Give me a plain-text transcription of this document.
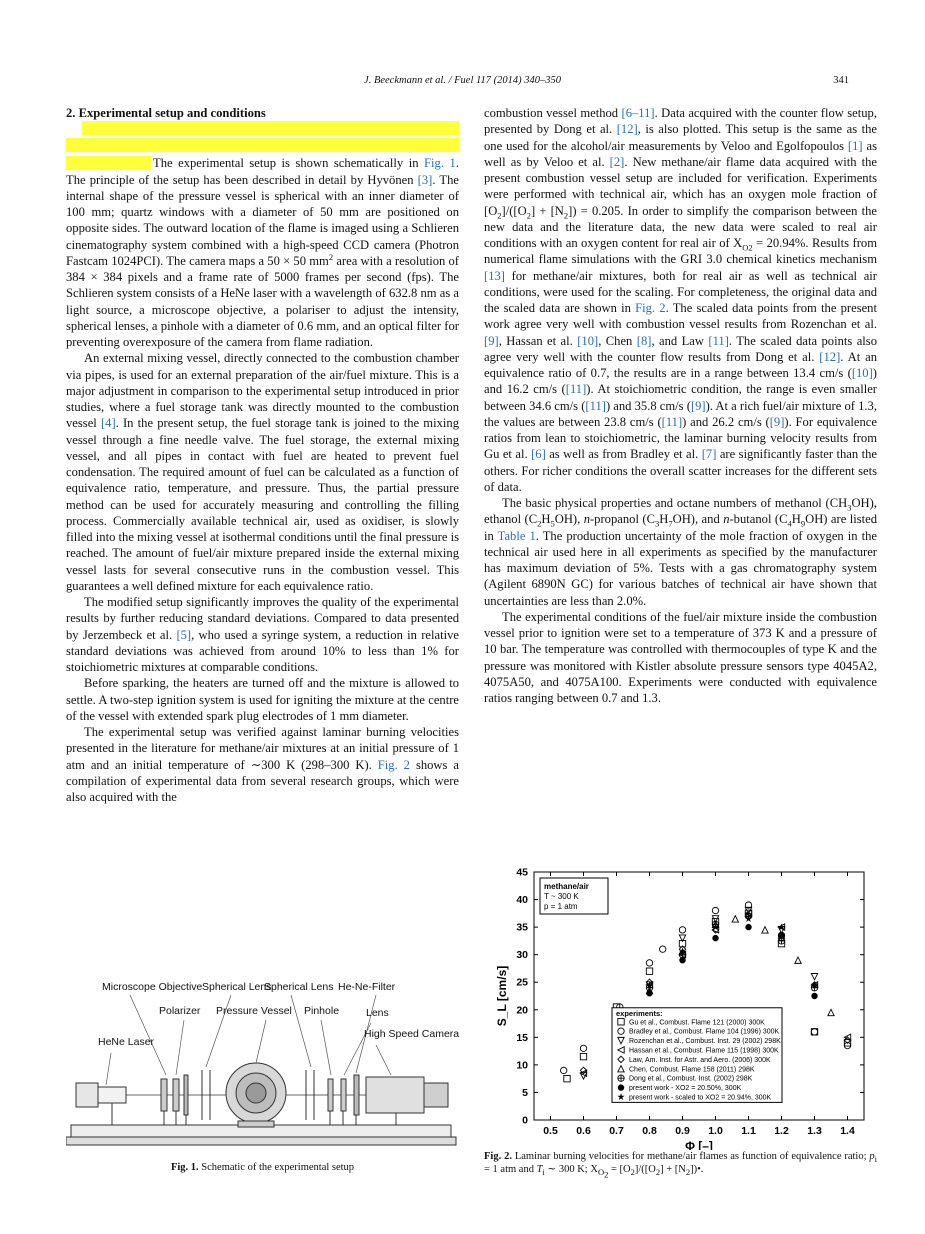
J. Beeckmann et al. / Fuel 117 (2014) 340–350	341

2. Experimental setup and conditions

The experimental setup is shown schematically in Fig. 1. The principle of the setup has been described in detail by Hyvönen [3]. The internal shape of the pressure vessel is spherical with an inner diameter of 100 mm; quartz windows with a diameter of 50 mm are positioned on opposite sides. The outward location of the flame is imaged using a Schlieren cinematography system combined with a high-speed CCD camera (Photron Fastcam 1024PCI). The camera maps a 50 × 50 $mm^2$ area with a resolution of 384 × 384 pixels and a frame rate of 5000 frames per second (fps). The Schlieren system consists of a HeNe laser with a wavelength of 632.8 nm as a light source, a microscope objective, a polariser to adjust the intensity, spherical lenses, a pinhole with a diameter of 0.6 mm, and an optical filter for preventing overexposure of the camera from flame radiation.

An external mixing vessel, directly connected to the combustion chamber via pipes, is used for an external preparation of the air/fuel mixture. This is a major adjustment in comparison to the experimental setup introduced in prior studies, where a fuel storage tank was directly mounted to the combustion vessel [4]. In the present setup, the fuel storage tank is joined to the mixing vessel through a fine needle valve. The fuel storage, the external mixing vessel, and all pipes in contact with fuel are heated to prevent fuel condensation. The required amount of fuel can be calculated as a function of equivalence ratio, temperature, and pressure. Thus, the partial pressure method can be used for accurately measuring and controlling the filling process. Commercially available technical air, used as oxidiser, is slowly filled into the mixing vessel at isothermal conditions until the final pressure is reached. The amount of fuel/air mixture prepared inside the external mixing vessel lasts for several consecutive runs in the combustion vessel. This guarantees a well defined mixture for each equivalence ratio.

The modified setup significantly improves the quality of the experimental results by further reducing standard deviations. Compared to data presented by Jerzembeck et al. [5], who used a syringe system, a reduction in relative standard deviations was achieved from around 10% to less than 1% for stoichiometric mixtures at comparable conditions.

Before sparking, the heaters are turned off and the mixture is allowed to settle. A two-step ignition system is used for igniting the mixture at the centre of the vessel with extended spark plug electrodes of 1 mm diameter.

The experimental setup was verified against laminar burning velocities presented in the literature for methane/air mixtures at an initial pressure of 1 atm and an initial temperature of ∼300 K (298–300 K). Fig. 2 shows a compilation of experimental data from several research groups, which were also acquired with the

combustion vessel method [6–11]. Data acquired with the counter flow setup, presented by Dong et al. [12], is also plotted. This setup is the same as the one used for the alcohol/air measurements by Veloo and Egolfopoulos [1] as well as by Veloo et al. [2]. New methane/air flame data acquired with the present combustion vessel setup are included for verification. Experiments were performed with technical air, which has an oxygen mole fraction of $[O_2]/([O_2] + [N_2]) = 0.205$. In order to simplify the comparison between the new data and the literature data, the new data were scaled to real air conditions with an oxygen content for real air of $X_{O2} = 20.94\%$. Results from numerical flame simulations with the GRI 3.0 chemical kinetics mechanism [13] for methane/air mixtures, both for real air as well as technical air conditions, were used for the scaling. For completeness, the original data and the scaled data are shown in Fig. 2. The scaled data points from the present work agree very well with combustion vessel results from Rozenchan et al. [9], Hassan et al. [10], Chen [8], and Law [11]. The scaled data points also agree very well with the counter flow results from Dong et al. [12]. At an equivalence ratio of 0.7, the results are in a range between 13.4 cm/s ([10]) and 16.2 cm/s ([11]). At stoichiometric condition, the range is even smaller between 34.6 cm/s ([11]) and 35.8 cm/s ([9]). At a rich fuel/air mixture of 1.3, the values are between 23.8 cm/s ([11]) and 26.2 cm/s ([9]). For equivalence ratios from lean to stoichiometric, the laminar burning velocity results from Gu et al. [6] as well as from Bradley et al. [7] are significantly faster than the others. For richer conditions the overall scatter increases for the different sets of data.

The basic physical properties and octane numbers of methanol $(CH_3OH)$, ethanol $(C_2H_5OH)$, n-propanol $(C_3H_7OH)$, and n-butanol $(C_4H_9OH)$ are listed in Table 1. The production uncertainty of the mole fraction of oxygen in the technical air used here in all experiments as specified by the manufacturer has maximum deviation of 5%. Tests with a gas chromatography system (Agilent 6890N GC) for various batches of technical air have shown that uncertainties are less than 2.0%.

The experimental conditions of the fuel/air mixture inside the combustion vessel prior to ignition were set to a temperature of 373 K and a pressure of 10 bar. The temperature was controlled with thermocouples of type K and the pressure was monitored with Kistler absolute pressure sensors type 4045A2, 4075A50, and 4075A100. Experiments were conducted with equivalence ratios ranging between 0.7 and 1.3.

Microscope Objective Spherical Lens
Spherical Lens He-Ne-Filter
Polarizer Pressure Vessel Pinhole	Lens
HeNe Laser
High Speed Camera
Fig. 1. Schematic of the experimental setup
0
5
10
15
20
25
30
35
40
45
0.5 0.6 0.7 0.8 0.9 1.0 1.1 1.2 1.3 1.4
Φ [–]
S_L [cm/s]
methane/air
T ~ 300 K
p = 1 atm
experiments:
Gu et al., Combust. Flame 121 (2000) 300K
Bradley et al., Combust. Flame 104 (1996) 300K
Rozenchan et al., Combust. Inst. 29 (2002) 298K
Hassan et al., Combust. Flame 115 (1998) 300K
Law, Am. Inst. for Astr. and Aero. (2006) 300K
Chen, Combust. Flame 158 (2011) 298K
Dong et al., Combust. Inst. (2002) 298K
present work - XO2 = 20.50%, 300K
present work - scaled to XO2 = 20.94%, 300K
Fig. 2. Laminar burning velocities for methane/air flames as function of equivalence ratio; $p_i = 1$ atm and $T_i$ ∼ 300 K; $X_{O_2} = [O_2]/([O_2]$ + $[N_2])•$.
